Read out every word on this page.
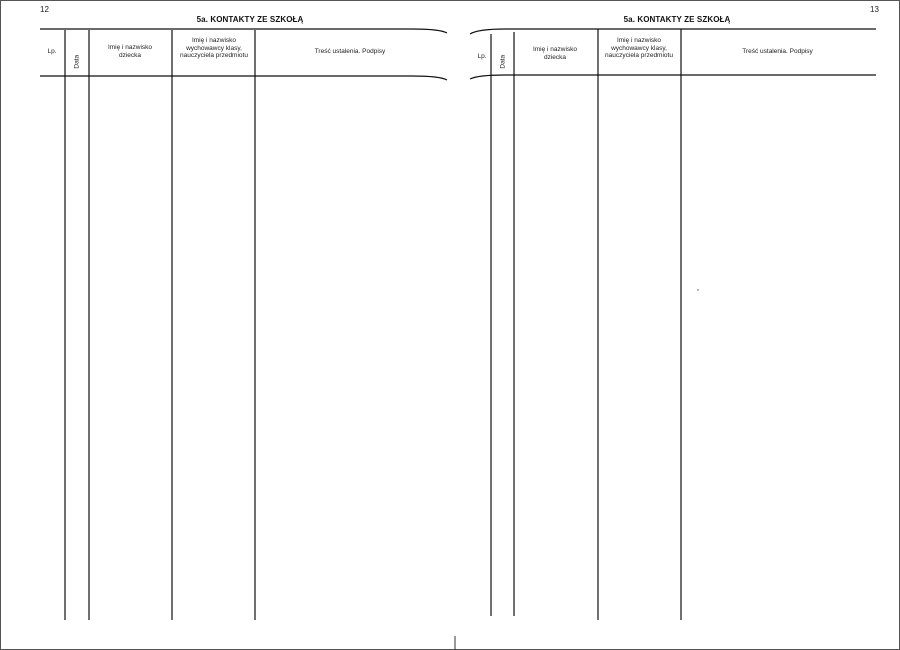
12
5a. KONTAKTY ZE SZKOŁĄ
Lp.
Data
Imię i nazwisko dziecka
Imię i nazwisko wychowawcy klasy, nauczyciela przedmiotu
Treść ustalenia. Podpisy
13
5a. KONTAKTY ZE SZKOŁĄ
Lp.	Data
Imię i nazwisko dziecka
Imię i nazwisko wychowawcy klasy, nauczyciela przedmiotu
Treść ustalenia. Podpisy
